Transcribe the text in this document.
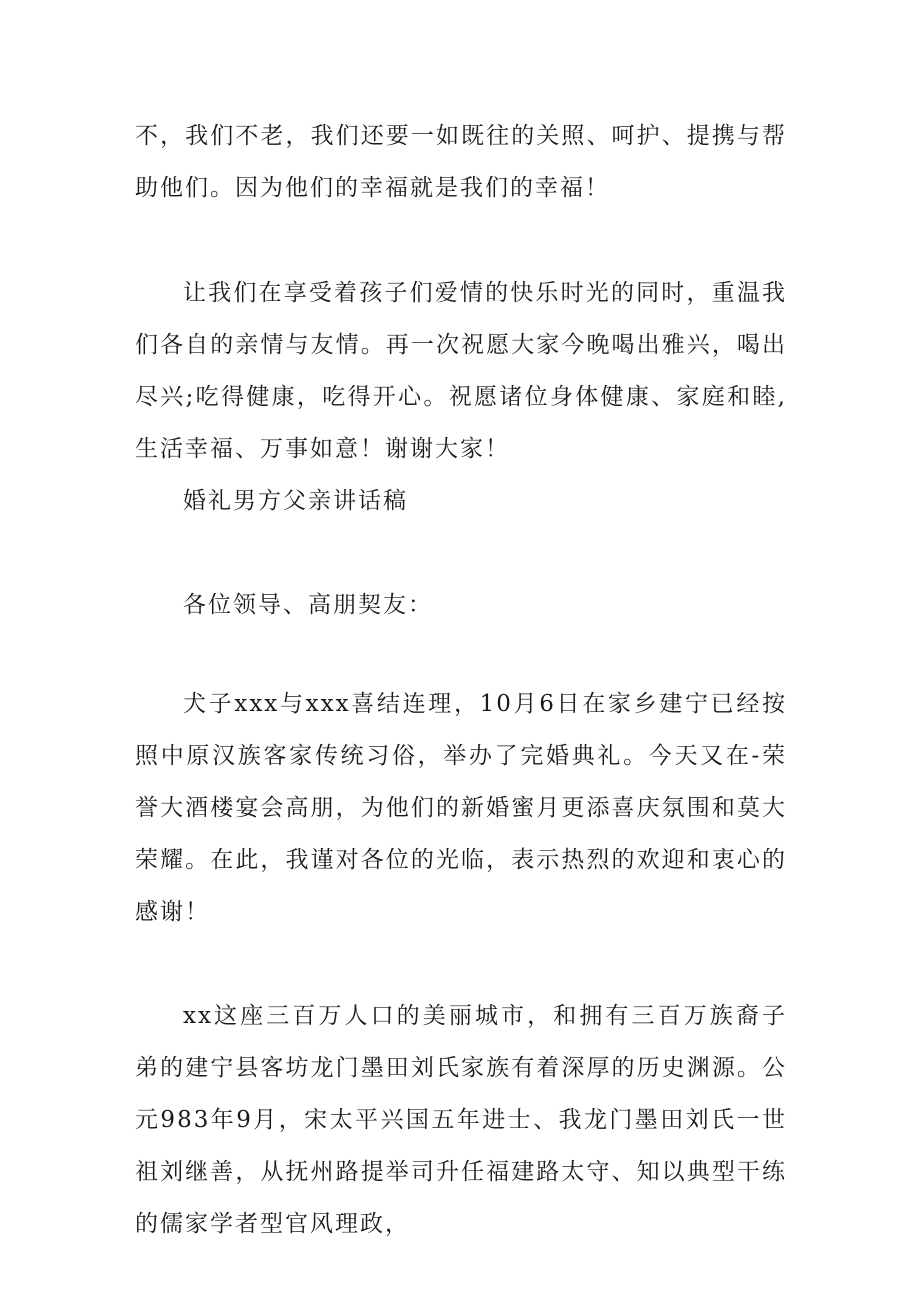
不，我们不老，我们还要一如既往的关照、呵护、提携与帮助他们。因为他们的幸福就是我们的幸福！

让我们在享受着孩子们爱情的快乐时光的同时，重温我们各自的亲情与友情。再一次祝愿大家今晚喝出雅兴，喝出尽兴;吃得健康，吃得开心。祝愿诸位身体健康、家庭和睦,生活幸福、万事如意！谢谢大家！

婚礼男方父亲讲话稿

各位领导、高朋契友：

犬子xxx与xxx喜结连理，10月6日在家乡建宁已经按照中原汉族客家传统习俗，举办了完婚典礼。今天又在-荣誉大酒楼宴会高朋，为他们的新婚蜜月更添喜庆氛围和莫大荣耀。在此，我谨对各位的光临，表示热烈的欢迎和衷心的感谢！

xx这座三百万人口的美丽城市，和拥有三百万族裔子弟的建宁县客坊龙门墨田刘氏家族有着深厚的历史渊源。公元983年9月，宋太平兴国五年进士、我龙门墨田刘氏一世祖刘继善，从抚州路提举司升任福建路太守、知以典型干练的儒家学者型官风理政，
